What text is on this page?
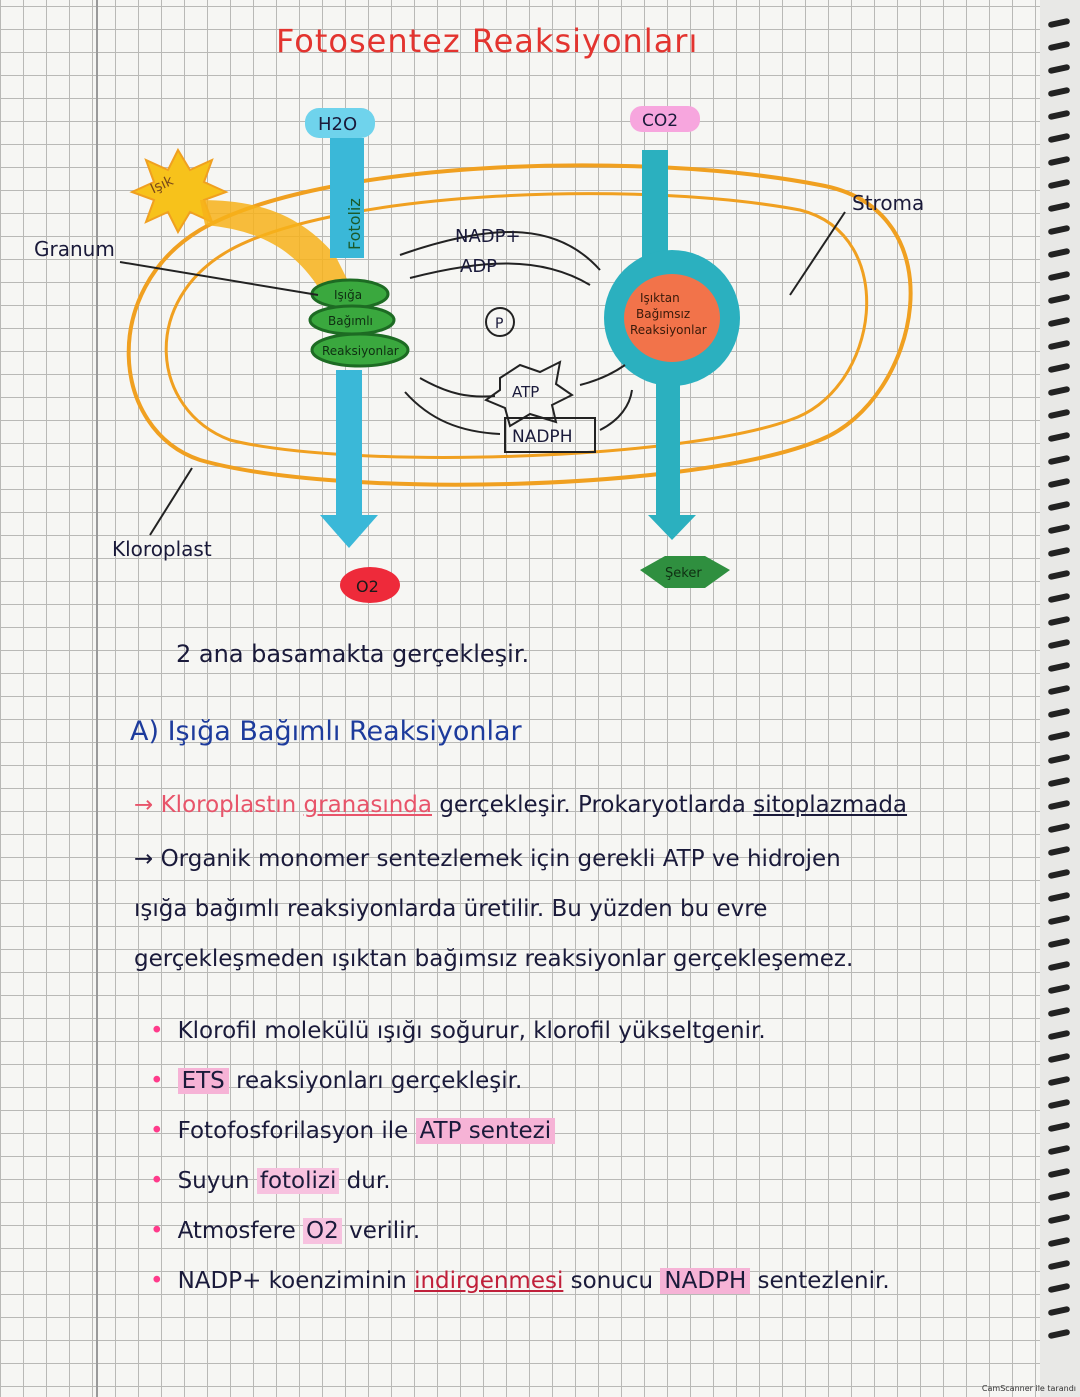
Fotosentez Reaksiyonları
Işık
H2O	CO2
Fotoliz
Granum
Stroma
Kloroplast
Işığa
Bağımlı
Reaksiyonlar
Işıktan
Bağımsız
Reaksiyonlar
NADP+
ADP
P
ATP
NADPH
O2
Şeker
2 ana basamakta gerçekleşir.
A) Işığa Bağımlı Reaksiyonlar
→ Kloroplastın granasında gerçekleşir. Prokaryotlarda sitoplazmada
→ Organik monomer sentezlemek için gerekli ATP ve hidrojen
ışığa bağımlı reaksiyonlarda üretilir. Bu yüzden bu evre
gerçekleşmeden ışıktan bağımsız reaksiyonlar gerçekleşemez.
• Klorofil molekülü ışığı soğurur, klorofil yükseltgenir.
• ETS reaksiyonları gerçekleşir.
• Fotofosforilasyon ile ATP sentezi
• Suyun fotolizi dur.
• Atmosfere O2 verilir.
• NADP+ koenziminin indirgenmesi sonucu NADPH sentezlenir.
CamScanner ile tarandı
